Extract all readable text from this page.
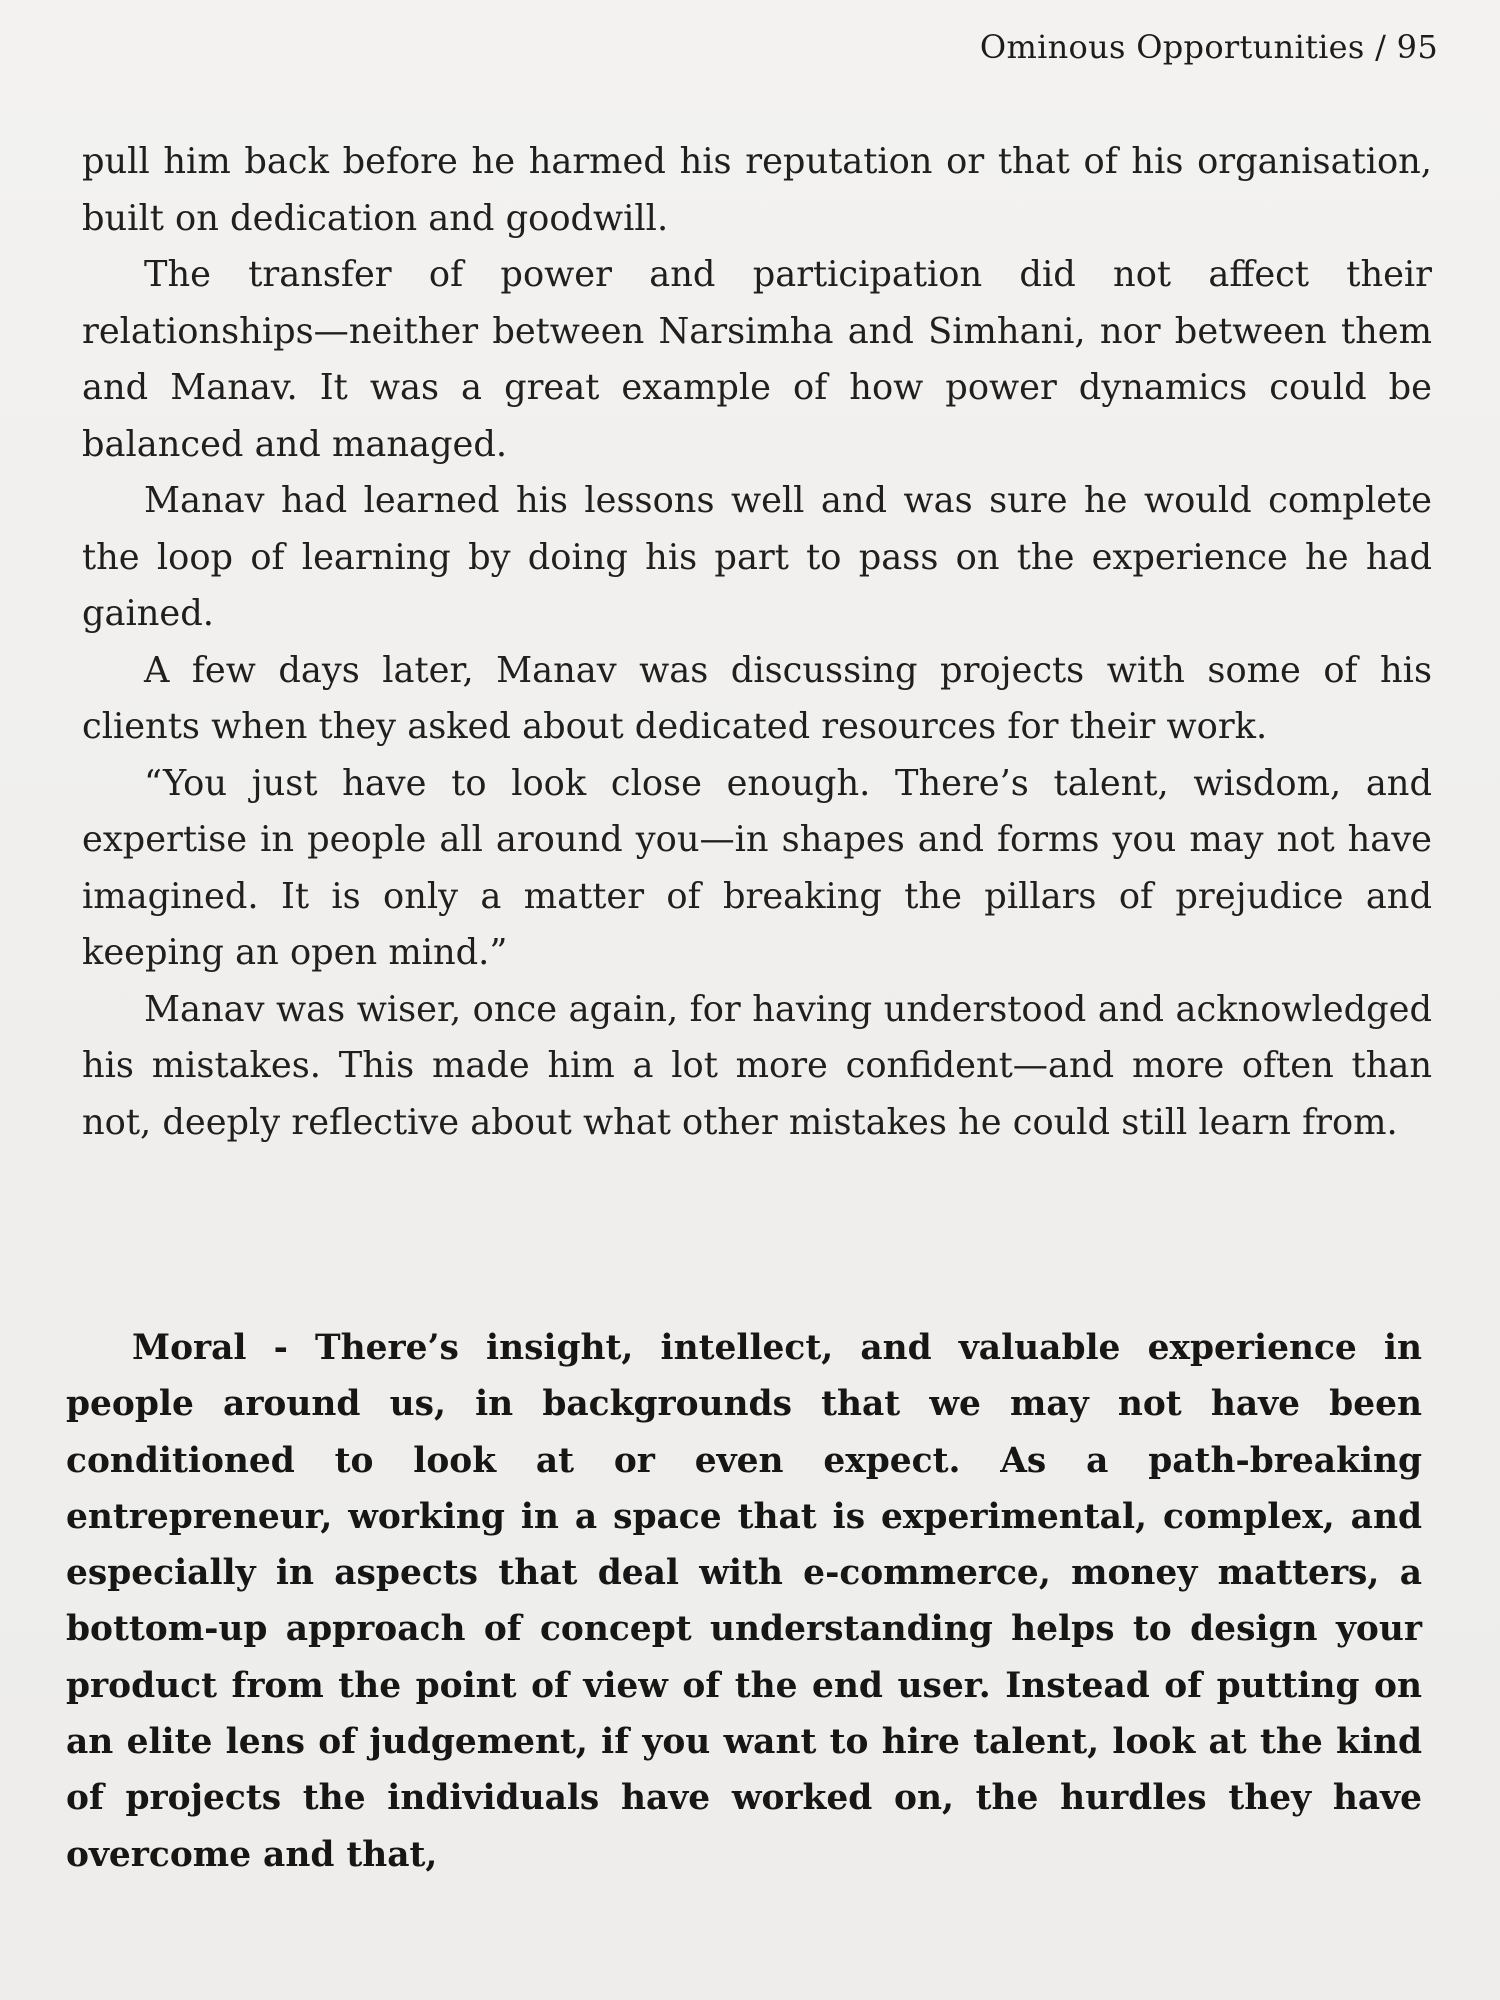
Ominous Opportunities / 95

pull him back before he harmed his reputation or that of his organisation, built on dedication and goodwill.

The transfer of power and participation did not affect their relationships—neither between Narsimha and Simhani, nor between them and Manav. It was a great example of how power dynamics could be balanced and managed.

Manav had learned his lessons well and was sure he would complete the loop of learning by doing his part to pass on the experience he had gained.

A few days later, Manav was discussing projects with some of his clients when they asked about dedicated resources for their work.

“You just have to look close enough. There’s talent, wisdom, and expertise in people all around you—in shapes and forms you may not have imagined. It is only a matter of breaking the pillars of prejudice and keeping an open mind.”

Manav was wiser, once again, for having understood and acknowledged his mistakes. This made him a lot more confident—and more often than not, deeply reflective about what other mistakes he could still learn from.

Moral - There’s insight, intellect, and valuable experience in people around us, in backgrounds that we may not have been conditioned to look at or even expect. As a path-breaking entrepreneur, working in a space that is experimental, complex, and especially in aspects that deal with e-commerce, money matters, a bottom-up approach of concept understanding helps to design your product from the point of view of the end user. Instead of putting on an elite lens of judgement, if you want to hire talent, look at the kind of projects the individuals have worked on, the hurdles they have overcome and that,
